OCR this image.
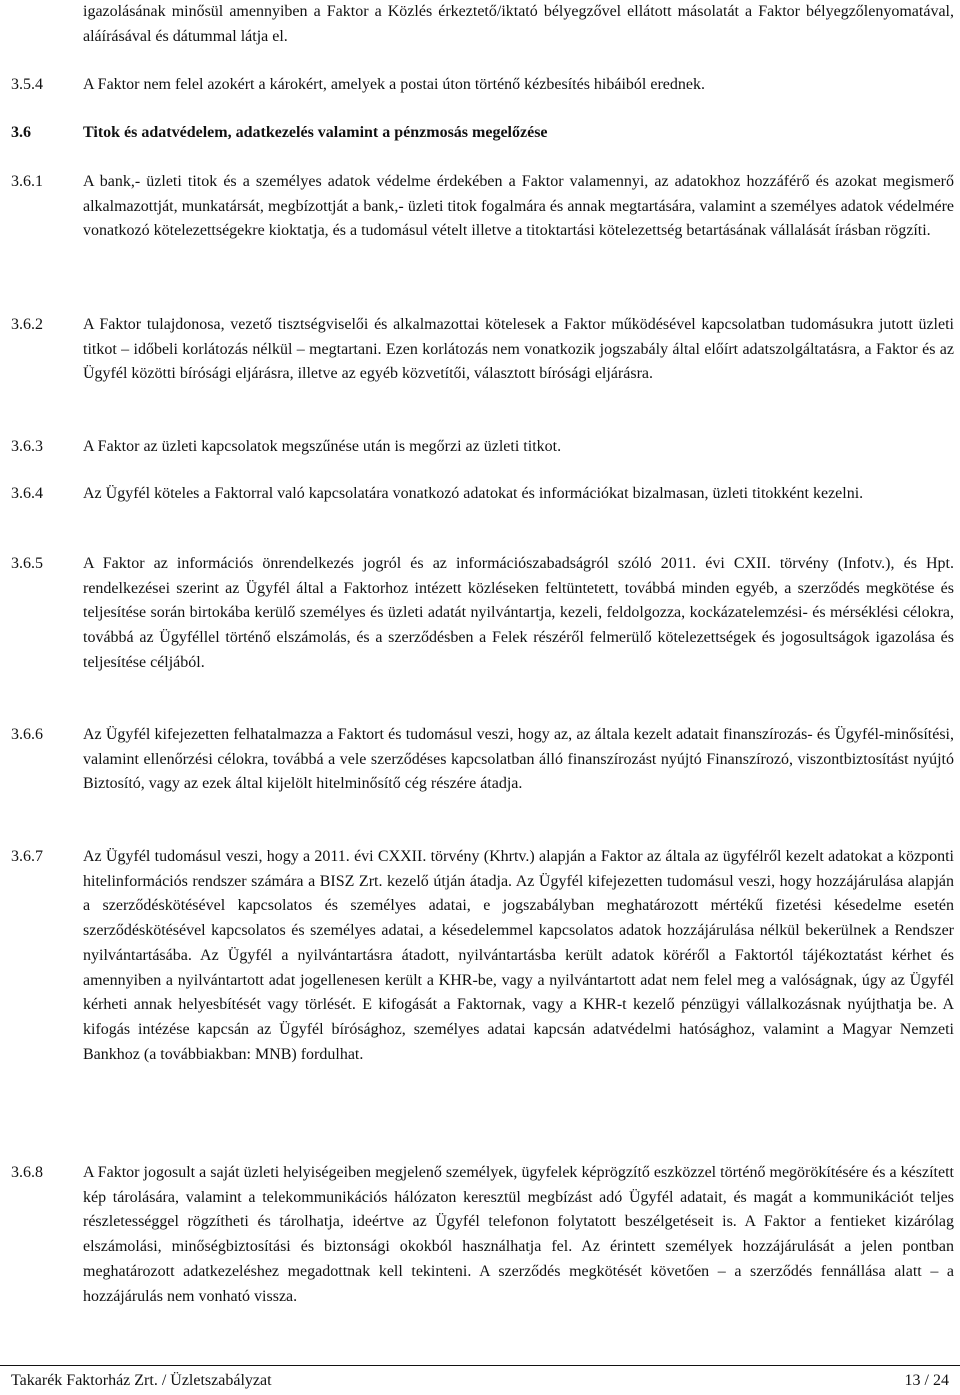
igazolásának minősül amennyiben a Faktor a Közlés érkeztető/iktató bélyegzővel ellátott másolatát a Faktor bélyegzőlenyomatával, aláírásával és dátummal látja el.
3.5.4	A Faktor nem felel azokért a károkért, amelyek a postai úton történő kézbesítés hibáiból erednek.
3.6	Titok és adatvédelem, adatkezelés valamint a pénzmosás megelőzése
3.6.1	A bank,- üzleti titok és a személyes adatok védelme érdekében a Faktor valamennyi, az adatokhoz hozzáférő és azokat megismerő alkalmazottját, munkatársát, megbízottját a bank,- üzleti titok fogalmára és annak megtartására, valamint a személyes adatok védelmére vonatkozó kötelezettségekre kioktatja, és a tudomásul vételt illetve a titoktartási kötelezettség betartásának vállalását írásban rögzíti.
3.6.2	A Faktor tulajdonosa, vezető tisztségviselői és alkalmazottai kötelesek a Faktor működésével kapcsolatban tudomásukra jutott üzleti titkot – időbeli korlátozás nélkül – megtartani. Ezen korlátozás nem vonatkozik jogszabály által előírt adatszolgáltatásra, a Faktor és az Ügyfél közötti bírósági eljárásra, illetve az egyéb közvetítői, választott bírósági eljárásra.
3.6.3	A Faktor az üzleti kapcsolatok megszűnése után is megőrzi az üzleti titkot.
3.6.4	Az Ügyfél köteles a Faktorral való kapcsolatára vonatkozó adatokat és információkat bizalmasan, üzleti titokként kezelni.
3.6.5	A Faktor az információs önrendelkezés jogról és az információszabadságról szóló 2011. évi CXII. törvény (Infotv.), és Hpt. rendelkezései szerint az Ügyfél által a Faktorhoz intézett közléseken feltüntetett, továbbá minden egyéb, a szerződés megkötése és teljesítése során birtokába kerülő személyes és üzleti adatát nyilvántartja, kezeli, feldolgozza, kockázatelemzési- és mérséklési célokra, továbbá az Ügyféllel történő elszámolás, és a szerződésben a Felek részéről felmerülő kötelezettségek és jogosultságok igazolása és teljesítése céljából.
3.6.6	Az Ügyfél kifejezetten felhatalmazza a Faktort és tudomásul veszi, hogy az, az általa kezelt adatait finanszírozás- és Ügyfél-minősítési, valamint ellenőrzési célokra, továbbá a vele szerződéses kapcsolatban álló finanszírozást nyújtó Finanszírozó, viszontbiztosítást nyújtó Biztosító, vagy az ezek által kijelölt hitelminősítő cég részére átadja.
3.6.7	Az Ügyfél tudomásul veszi, hogy a 2011. évi CXXII. törvény (Khrtv.) alapján a Faktor az általa az ügyfélről kezelt adatokat a központi hitelinformációs rendszer számára a BISZ Zrt. kezelő útján átadja. Az Ügyfél kifejezetten tudomásul veszi, hogy hozzájárulása alapján a szerződéskötésével kapcsolatos és személyes adatai, e jogszabályban meghatározott mértékű fizetési késedelme esetén szerződéskötésével kapcsolatos és személyes adatai, a késedelemmel kapcsolatos adatok hozzájárulása nélkül bekerülnek a Rendszer nyilvántartásába. Az Ügyfél a nyilvántartásra átadott, nyilvántartásba került adatok köréről a Faktortól tájékoztatást kérhet és amennyiben a nyilvántartott adat jogellenesen került a KHR-be, vagy a nyilvántartott adat nem felel meg a valóságnak, úgy az Ügyfél kérheti annak helyesbítését vagy törlését. E kifogását a Faktornak, vagy a KHR-t kezelő pénzügyi vállalkozásnak nyújthatja be. A kifogás intézése kapcsán az Ügyfél bírósághoz, személyes adatai kapcsán adatvédelmi hatósághoz, valamint a Magyar Nemzeti Bankhoz (a továbbiakban: MNB) fordulhat.
3.6.8	A Faktor jogosult a saját üzleti helyiségeiben megjelenő személyek, ügyfelek képrögzítő eszközzel történő megörökítésére és a készített kép tárolására, valamint a telekommunikációs hálózaton keresztül megbízást adó Ügyfél adatait, és magát a kommunikációt teljes részletességgel rögzítheti és tárolhatja, ideértve az Ügyfél telefonon folytatott beszélgetéseit is. A Faktor a fentieket kizárólag elszámolási, minőségbiztosítási és biztonsági okokból használhatja fel. Az érintett személyek hozzájárulását a jelen pontban meghatározott adatkezeléshez megadottnak kell tekinteni. A szerződés megkötését követően – a szerződés fennállása alatt – a hozzájárulás nem vonható vissza.
Takarék Faktorház Zrt. / Üzletszabályzat	13 / 24
